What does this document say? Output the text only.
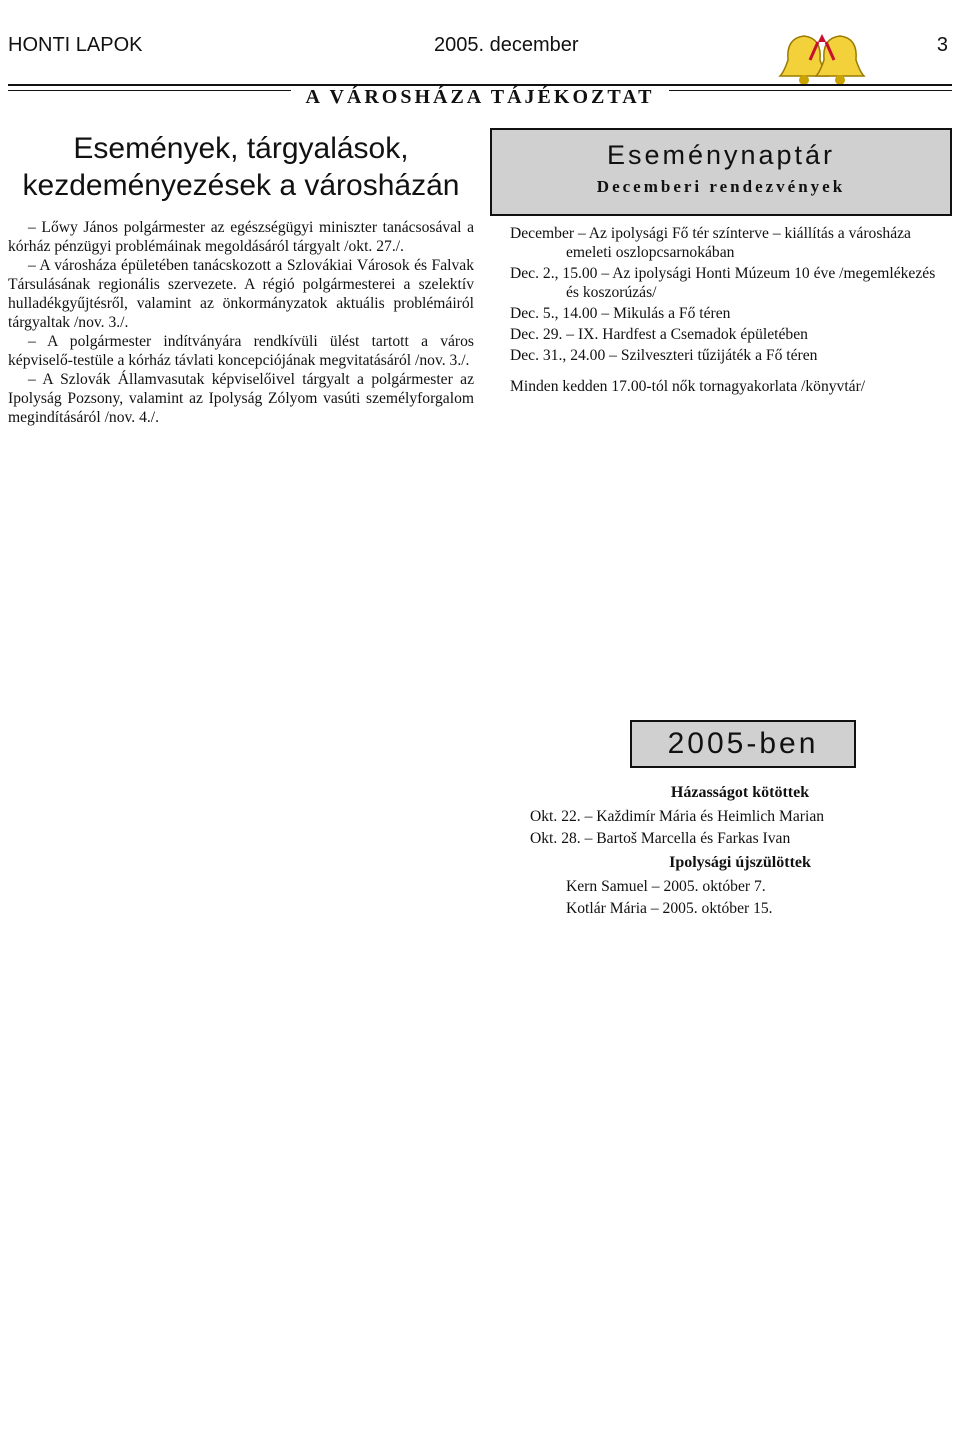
HONTI LAPOK	2005. december	3
A VÁROSHÁZA TÁJÉKOZTAT
Események, tárgyalások,
kezdeményezések a városházán

– Lőwy János polgármester az egészségügyi miniszter tanácsosával a kórház pénzügyi problémáinak megoldásáról tárgyalt /okt. 27./.

– A városháza épületében tanácskozott a Szlovákiai Városok és Falvak Társulásának regionális szervezete. A régió polgármesterei a szelektív hulladékgyűjtésről, valamint az önkormányzatok aktuális problémáiról tárgyaltak /nov. 3./.

– A polgármester indítványára rendkívüli ülést tartott a város képviselő-testüle a kórház távlati koncepciójának megvitatásáról /nov. 3./.

– A Szlovák Államvasutak képviselőivel tárgyalt a polgármester az Ipolyság Pozsony, valamint az Ipolyság Zólyom vasúti személyforgalom megindításáról /nov. 4./.

Eseménynaptár
Decemberi rendezvények
December – Az ipolysági Fő tér színterve – kiállítás a városháza emeleti oszlopcsarnokában
Dec. 2., 15.00 – Az ipolysági Honti Múzeum 10 éve /megemlékezés és koszorúzás/
Dec. 5., 14.00 – Mikulás a Fő téren
Dec. 29. – IX. Hardfest a Csemadok épületében
Dec. 31., 24.00 – Szilveszteri tűzijáték a Fő téren
Minden kedden 17.00-tól nők tornagyakorlata /könyvtár/
2005-ben
Házasságot kötöttek
Okt. 22. – Každimír Mária és Heimlich Marian
Okt. 28. – Bartoš Marcella és Farkas Ivan
Ipolysági újszülöttek
Kern Samuel – 2005. október 7.
Kotlár Mária – 2005. október 15.
